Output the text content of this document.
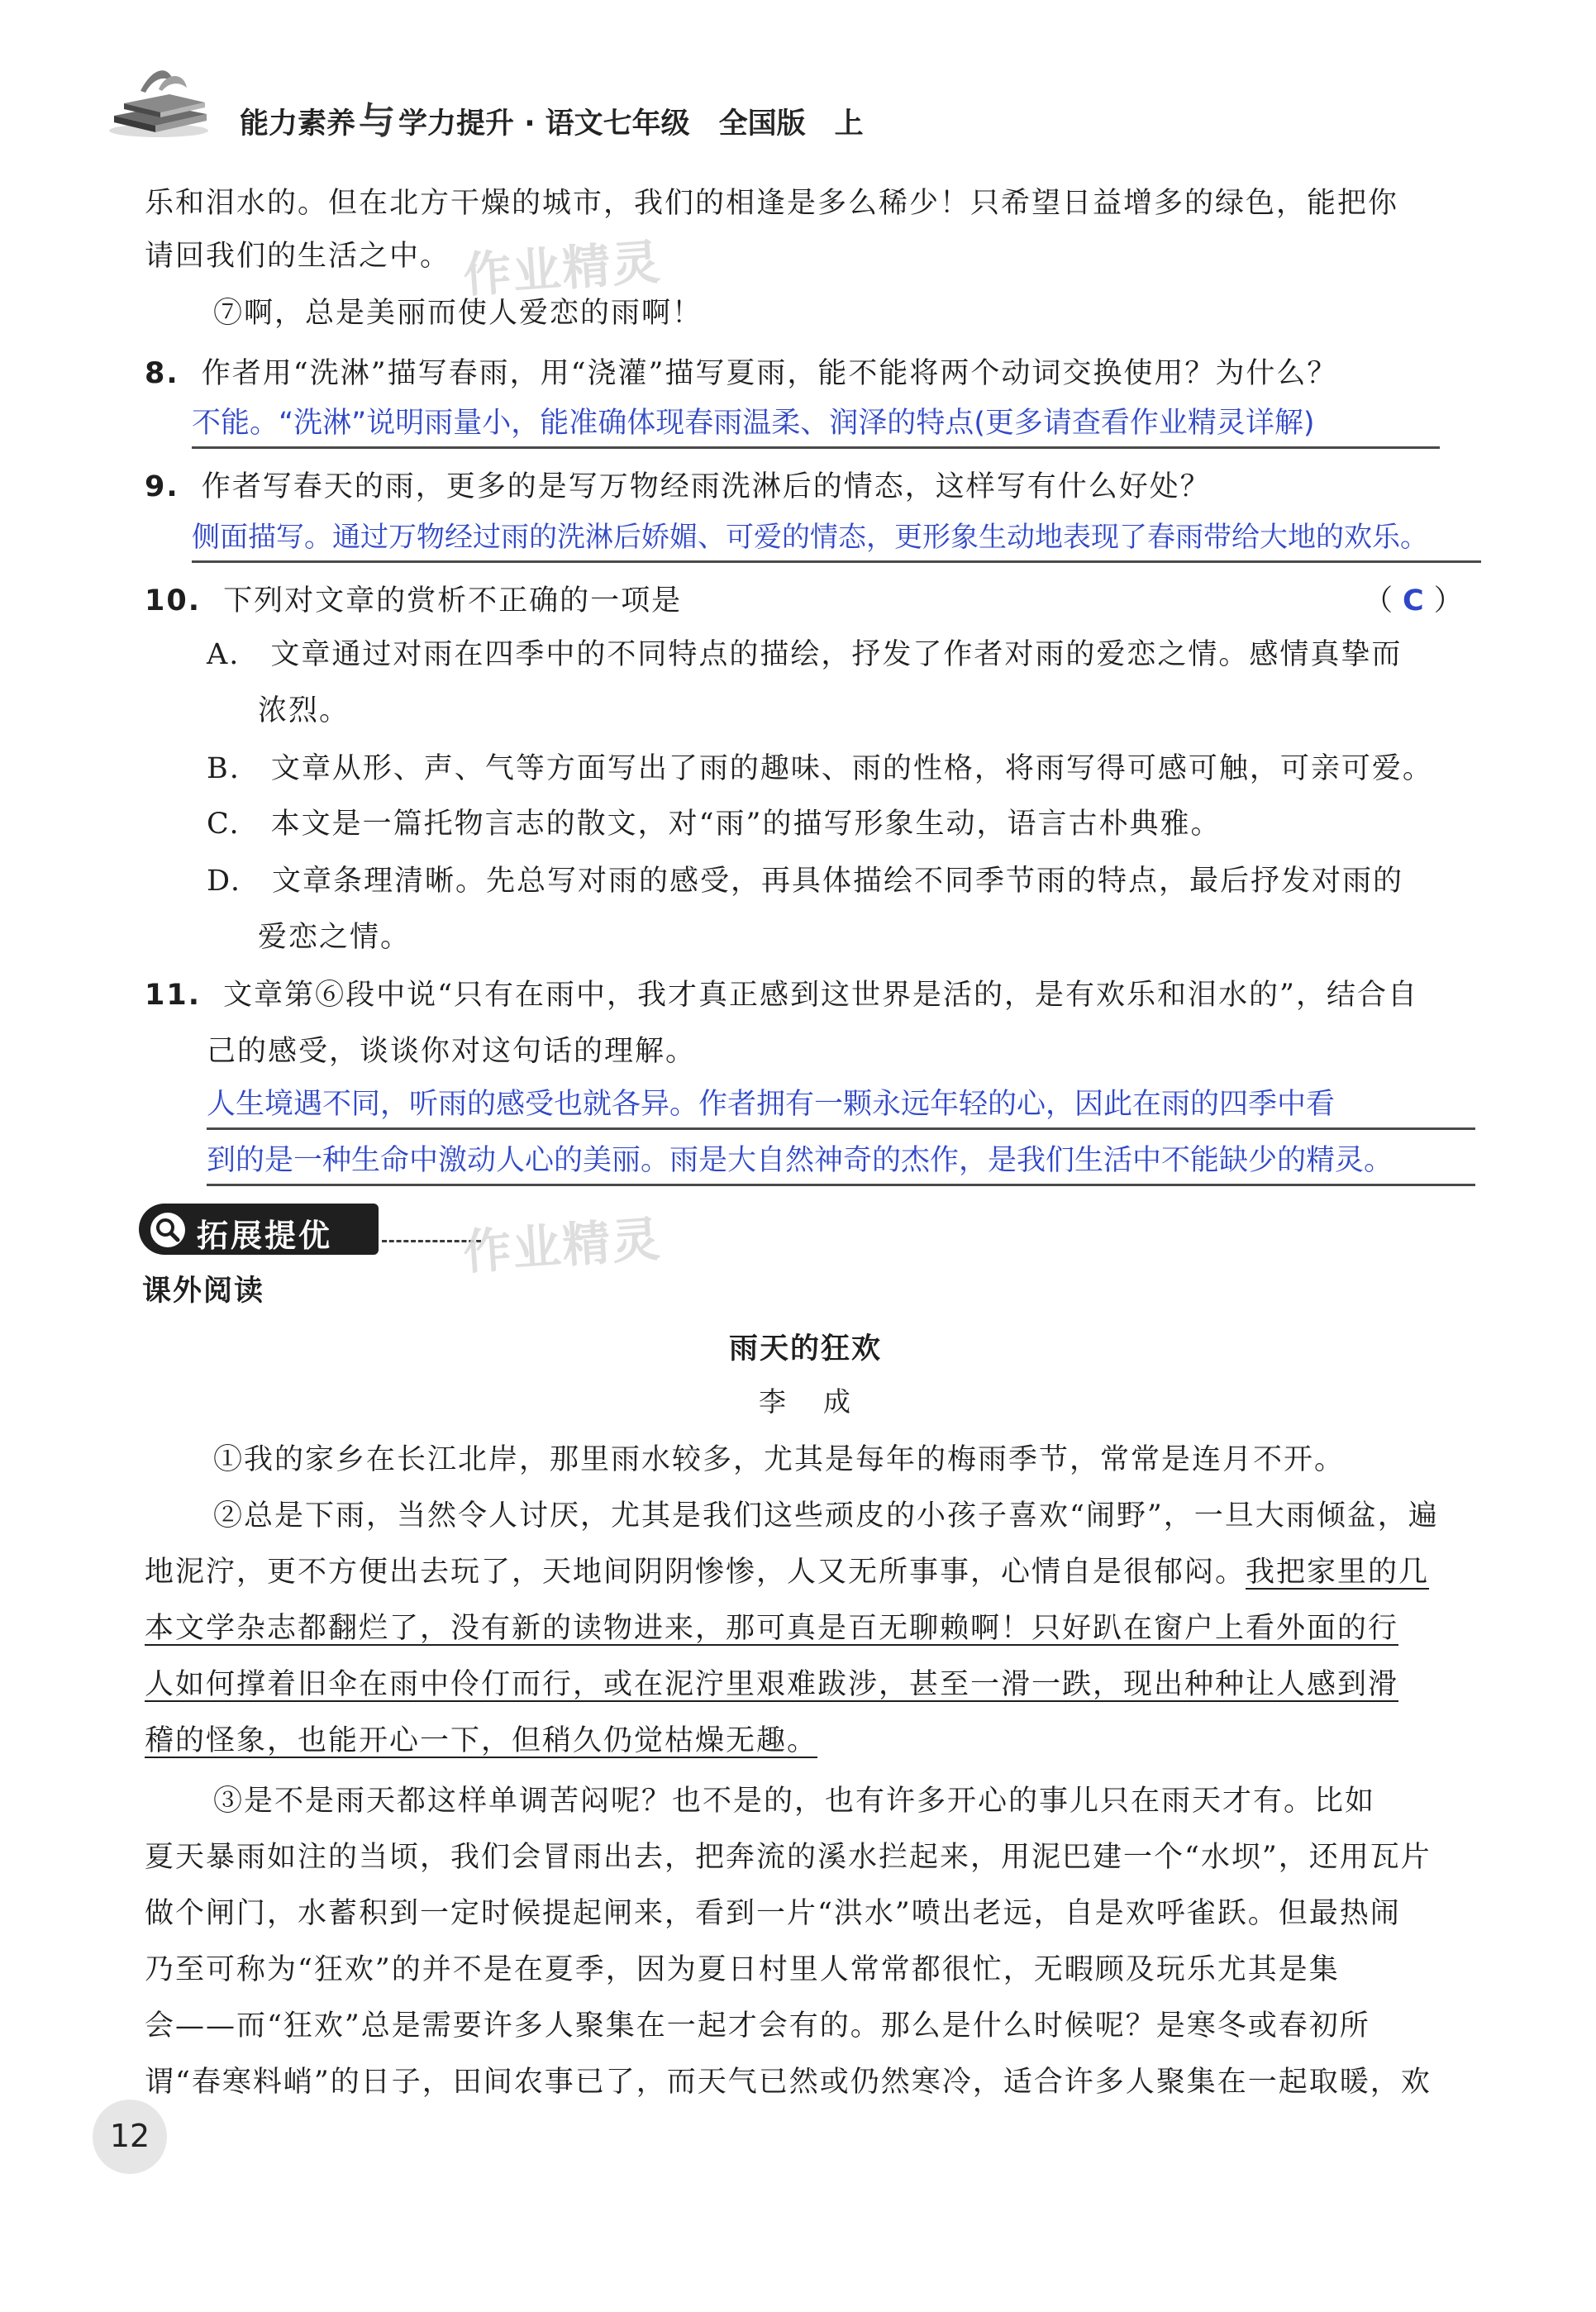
能力素养与 学力提升 · 语文七年级　全国版　上
作业精灵
乐和泪水的。但在北方干燥的城市，我们的相逢是多么稀少！只希望日益增多的绿色，能把你
请回我们的生活之中。
⑦啊，总是美丽而使人爱恋的雨啊！
8. 作者用“洗淋”描写春雨，用“浇灌”描写夏雨，能不能将两个动词交换使用？为什么？
不能。“洗淋”说明雨量小，能准确体现春雨温柔、润泽的特点(更多请查看作业精灵详解)
9. 作者写春天的雨，更多的是写万物经雨洗淋后的情态，这样写有什么好处？
侧面描写。通过万物经过雨的洗淋后娇媚、可爱的情态，更形象生动地表现了春雨带给大地的欢乐。
10. 下列对文章的赏析不正确的一项是	（ C ）
A.　文章通过对雨在四季中的不同特点的描绘，抒发了作者对雨的爱恋之情。感情真挚而
浓烈。
B.　文章从形、声、气等方面写出了雨的趣味、雨的性格，将雨写得可感可触，可亲可爱。
C.　本文是一篇托物言志的散文，对“雨”的描写形象生动，语言古朴典雅。
D.　文章条理清晰。先总写对雨的感受，再具体描绘不同季节雨的特点，最后抒发对雨的
爱恋之情。
11. 文章第⑥段中说“只有在雨中，我才真正感到这世界是活的，是有欢乐和泪水的”，结合自
己的感受，谈谈你对这句话的理解。
人生境遇不同，听雨的感受也就各异。作者拥有一颗永远年轻的心，因此在雨的四季中看
到的是一种生命中激动人心的美丽。雨是大自然神奇的杰作，是我们生活中不能缺少的精灵。
拓展提优	作业精灵
课外阅读
雨天的狂欢
李　成
①我的家乡在长江北岸，那里雨水较多，尤其是每年的梅雨季节，常常是连月不开。
②总是下雨，当然令人讨厌，尤其是我们这些顽皮的小孩子喜欢“闹野”，一旦大雨倾盆，遍
地泥泞，更不方便出去玩了，天地间阴阴惨惨，人又无所事事，心情自是很郁闷。我把家里的几
本文学杂志都翻烂了，没有新的读物进来，那可真是百无聊赖啊！只好趴在窗户上看外面的行
人如何撑着旧伞在雨中伶仃而行，或在泥泞里艰难跋涉，甚至一滑一跌，现出种种让人感到滑
稽的怪象，也能开心一下，但稍久仍觉枯燥无趣。
③是不是雨天都这样单调苦闷呢？也不是的，也有许多开心的事儿只在雨天才有。比如
夏天暴雨如注的当顷，我们会冒雨出去，把奔流的溪水拦起来，用泥巴建一个“水坝”，还用瓦片
做个闸门，水蓄积到一定时候提起闸来，看到一片“洪水”喷出老远，自是欢呼雀跃。但最热闹
乃至可称为“狂欢”的并不是在夏季，因为夏日村里人常常都很忙，无暇顾及玩乐尤其是集
会——而“狂欢”总是需要许多人聚集在一起才会有的。那么是什么时候呢？是寒冬或春初所
谓“春寒料峭”的日子，田间农事已了，而天气已然或仍然寒冷，适合许多人聚集在一起取暖，欢
12
